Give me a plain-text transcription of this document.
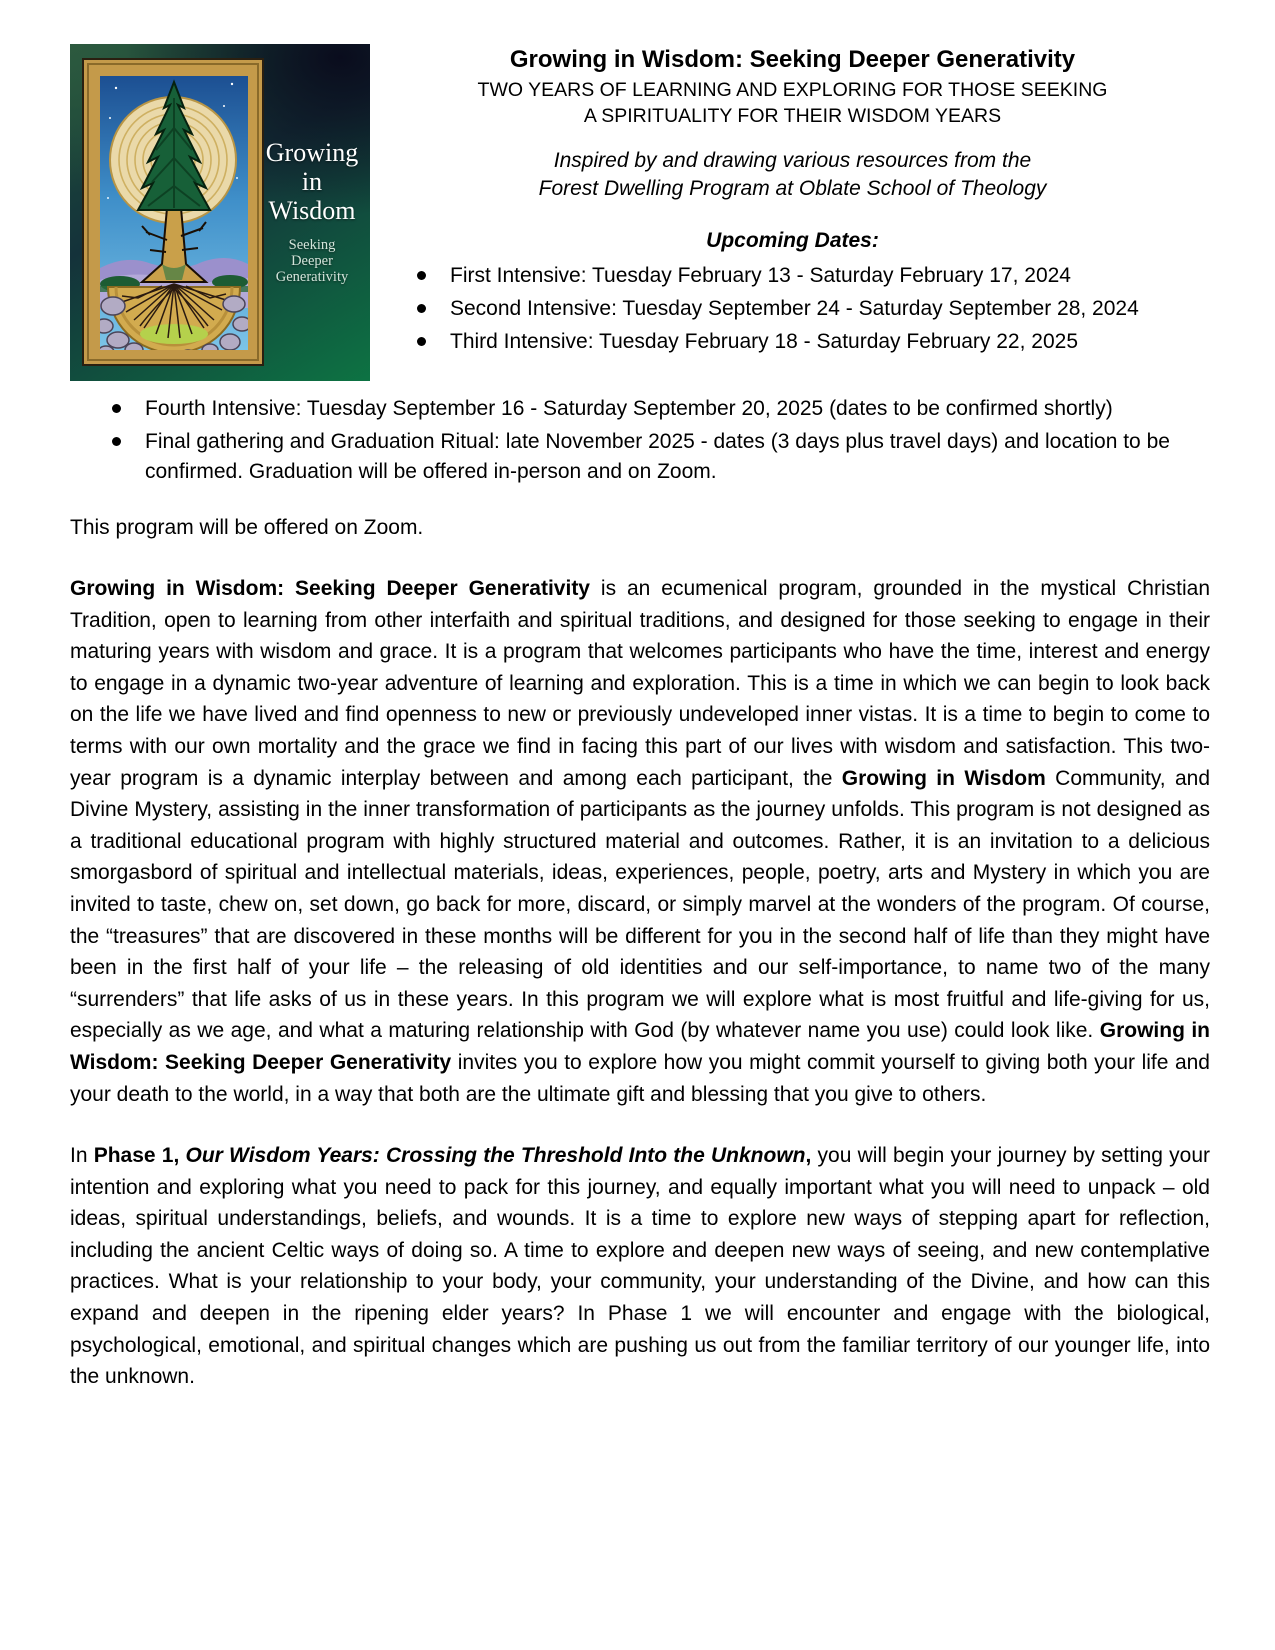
Growing
in
Wisdom
Seeking
Deeper
Generativity
Growing in Wisdom: Seeking Deeper Generativity
TWO YEARS OF LEARNING AND EXPLORING FOR THOSE SEEKING
A SPIRITUALITY FOR THEIR WISDOM YEARS
Inspired by and drawing various resources from the
Forest Dwelling Program at Oblate School of Theology
Upcoming Dates:
First Intensive: Tuesday February 13 - Saturday February 17, 2024
Second Intensive: Tuesday September 24 - Saturday September 28, 2024
Third Intensive: Tuesday February 18 - Saturday February 22, 2025
Fourth Intensive: Tuesday September 16 - Saturday September 20, 2025 (dates to be confirmed shortly)
Final gathering and Graduation Ritual: late November 2025 - dates (3 days plus travel days) and location to be confirmed. Graduation will be offered in-person and on Zoom.
This program will be offered on Zoom.
Growing in Wisdom: Seeking Deeper Generativity is an ecumenical program, grounded in the mystical Christian Tradition, open to learning from other interfaith and spiritual traditions, and designed for those seeking to engage in their maturing years with wisdom and grace. It is a program that welcomes participants who have the time, interest and energy to engage in a dynamic two-year adventure of learning and exploration. This is a time in which we can begin to look back on the life we have lived and find openness to new or previously undeveloped inner vistas. It is a time to begin to come to terms with our own mortality and the grace we find in facing this part of our lives with wisdom and satisfaction. This two-year program is a dynamic interplay between and among each participant, the Growing in Wisdom Community, and Divine Mystery, assisting in the inner transformation of participants as the journey unfolds. This program is not designed as a traditional educational program with highly structured material and outcomes. Rather, it is an invitation to a delicious smorgasbord of spiritual and intellectual materials, ideas, experiences, people, poetry, arts and Mystery in which you are invited to taste, chew on, set down, go back for more, discard, or simply marvel at the wonders of the program. Of course, the “treasures” that are discovered in these months will be different for you in the second half of life than they might have been in the first half of your life – the releasing of old identities and our self-importance, to name two of the many “surrenders” that life asks of us in these years. In this program we will explore what is most fruitful and life-giving for us, especially as we age, and what a maturing relationship with God (by whatever name you use) could look like. Growing in Wisdom: Seeking Deeper Generativity invites you to explore how you might commit yourself to giving both your life and your death to the world, in a way that both are the ultimate gift and blessing that you give to others.
In Phase 1, Our Wisdom Years: Crossing the Threshold Into the Unknown, you will begin your journey by setting your intention and exploring what you need to pack for this journey, and equally important what you will need to unpack – old ideas, spiritual understandings, beliefs, and wounds. It is a time to explore new ways of stepping apart for reflection, including the ancient Celtic ways of doing so. A time to explore and deepen new ways of seeing, and new contemplative practices. What is your relationship to your body, your community, your understanding of the Divine, and how can this expand and deepen in the ripening elder years? In Phase 1 we will encounter and engage with the biological, psychological, emotional, and spiritual changes which are pushing us out from the familiar territory of our younger life, into the unknown.
